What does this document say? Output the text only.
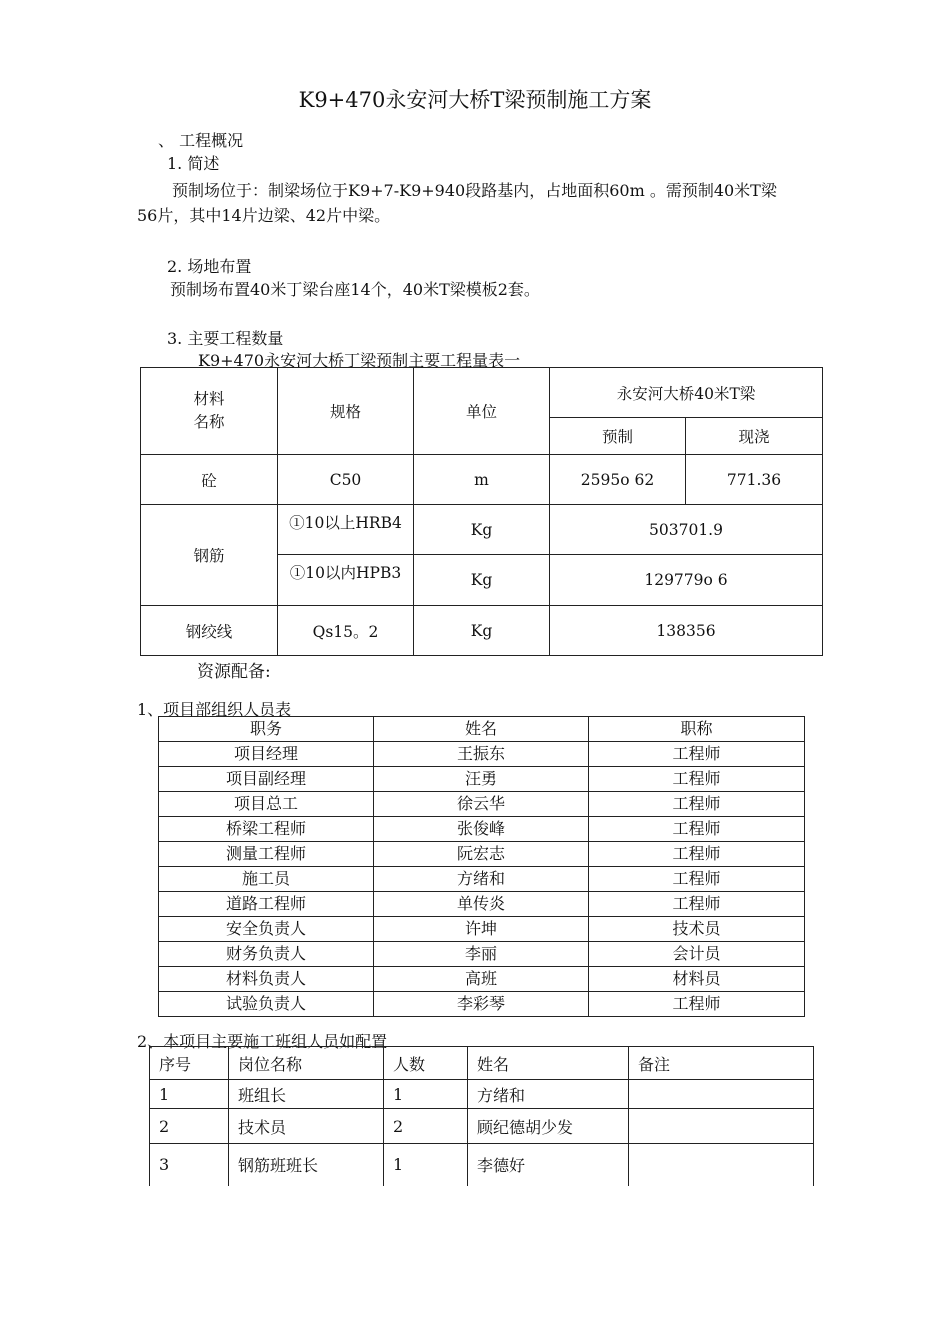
K9+470永安河大桥T梁预制施工方案
、 工程概况
1. 简述
预制场位于：制梁场位于K9+7-K9+940段路基内，占地面积60m 。需预制40米T梁
56片，其中14片边梁、42片中梁。
2. 场地布置
预制场布置40米丁梁台座14个，40米T梁模板2套。
3. 主要工程数量
K9+470永安河大桥丁梁预制主要工程量表一
材料
名称	规格	单位	永安河大桥40米T梁	
			预制	现浇
砼	C50	m	2595o 62	771.36
钢筋	①10以上HRB4	Kg	503701.9	
	①10以内HPB3	Kg	129779o 6	
钢绞线	Qs15。2	Kg	138356	
资源配备:
1、项目部组织人员表
职务	姓名	职称
项目经理	王振东	工程师
项目副经理	汪勇	工程师
项目总工	徐云华	工程师
桥梁工程师	张俊峰	工程师
测量工程师	阮宏志	工程师
施工员	方绪和	工程师
道路工程师	单传炎	工程师
安全负责人	许坤	技术员
财务负责人	李丽	会计员
材料负责人	高班	材料员
试验负责人	李彩琴	工程师
2、本项目主要施工班组人员如配置
序号	岗位名称	人数	姓名	备注
1	班组长	1	方绪和	
2	技术员	2	顾纪德胡少发	
3	钢筋班班长	1	李德好	
